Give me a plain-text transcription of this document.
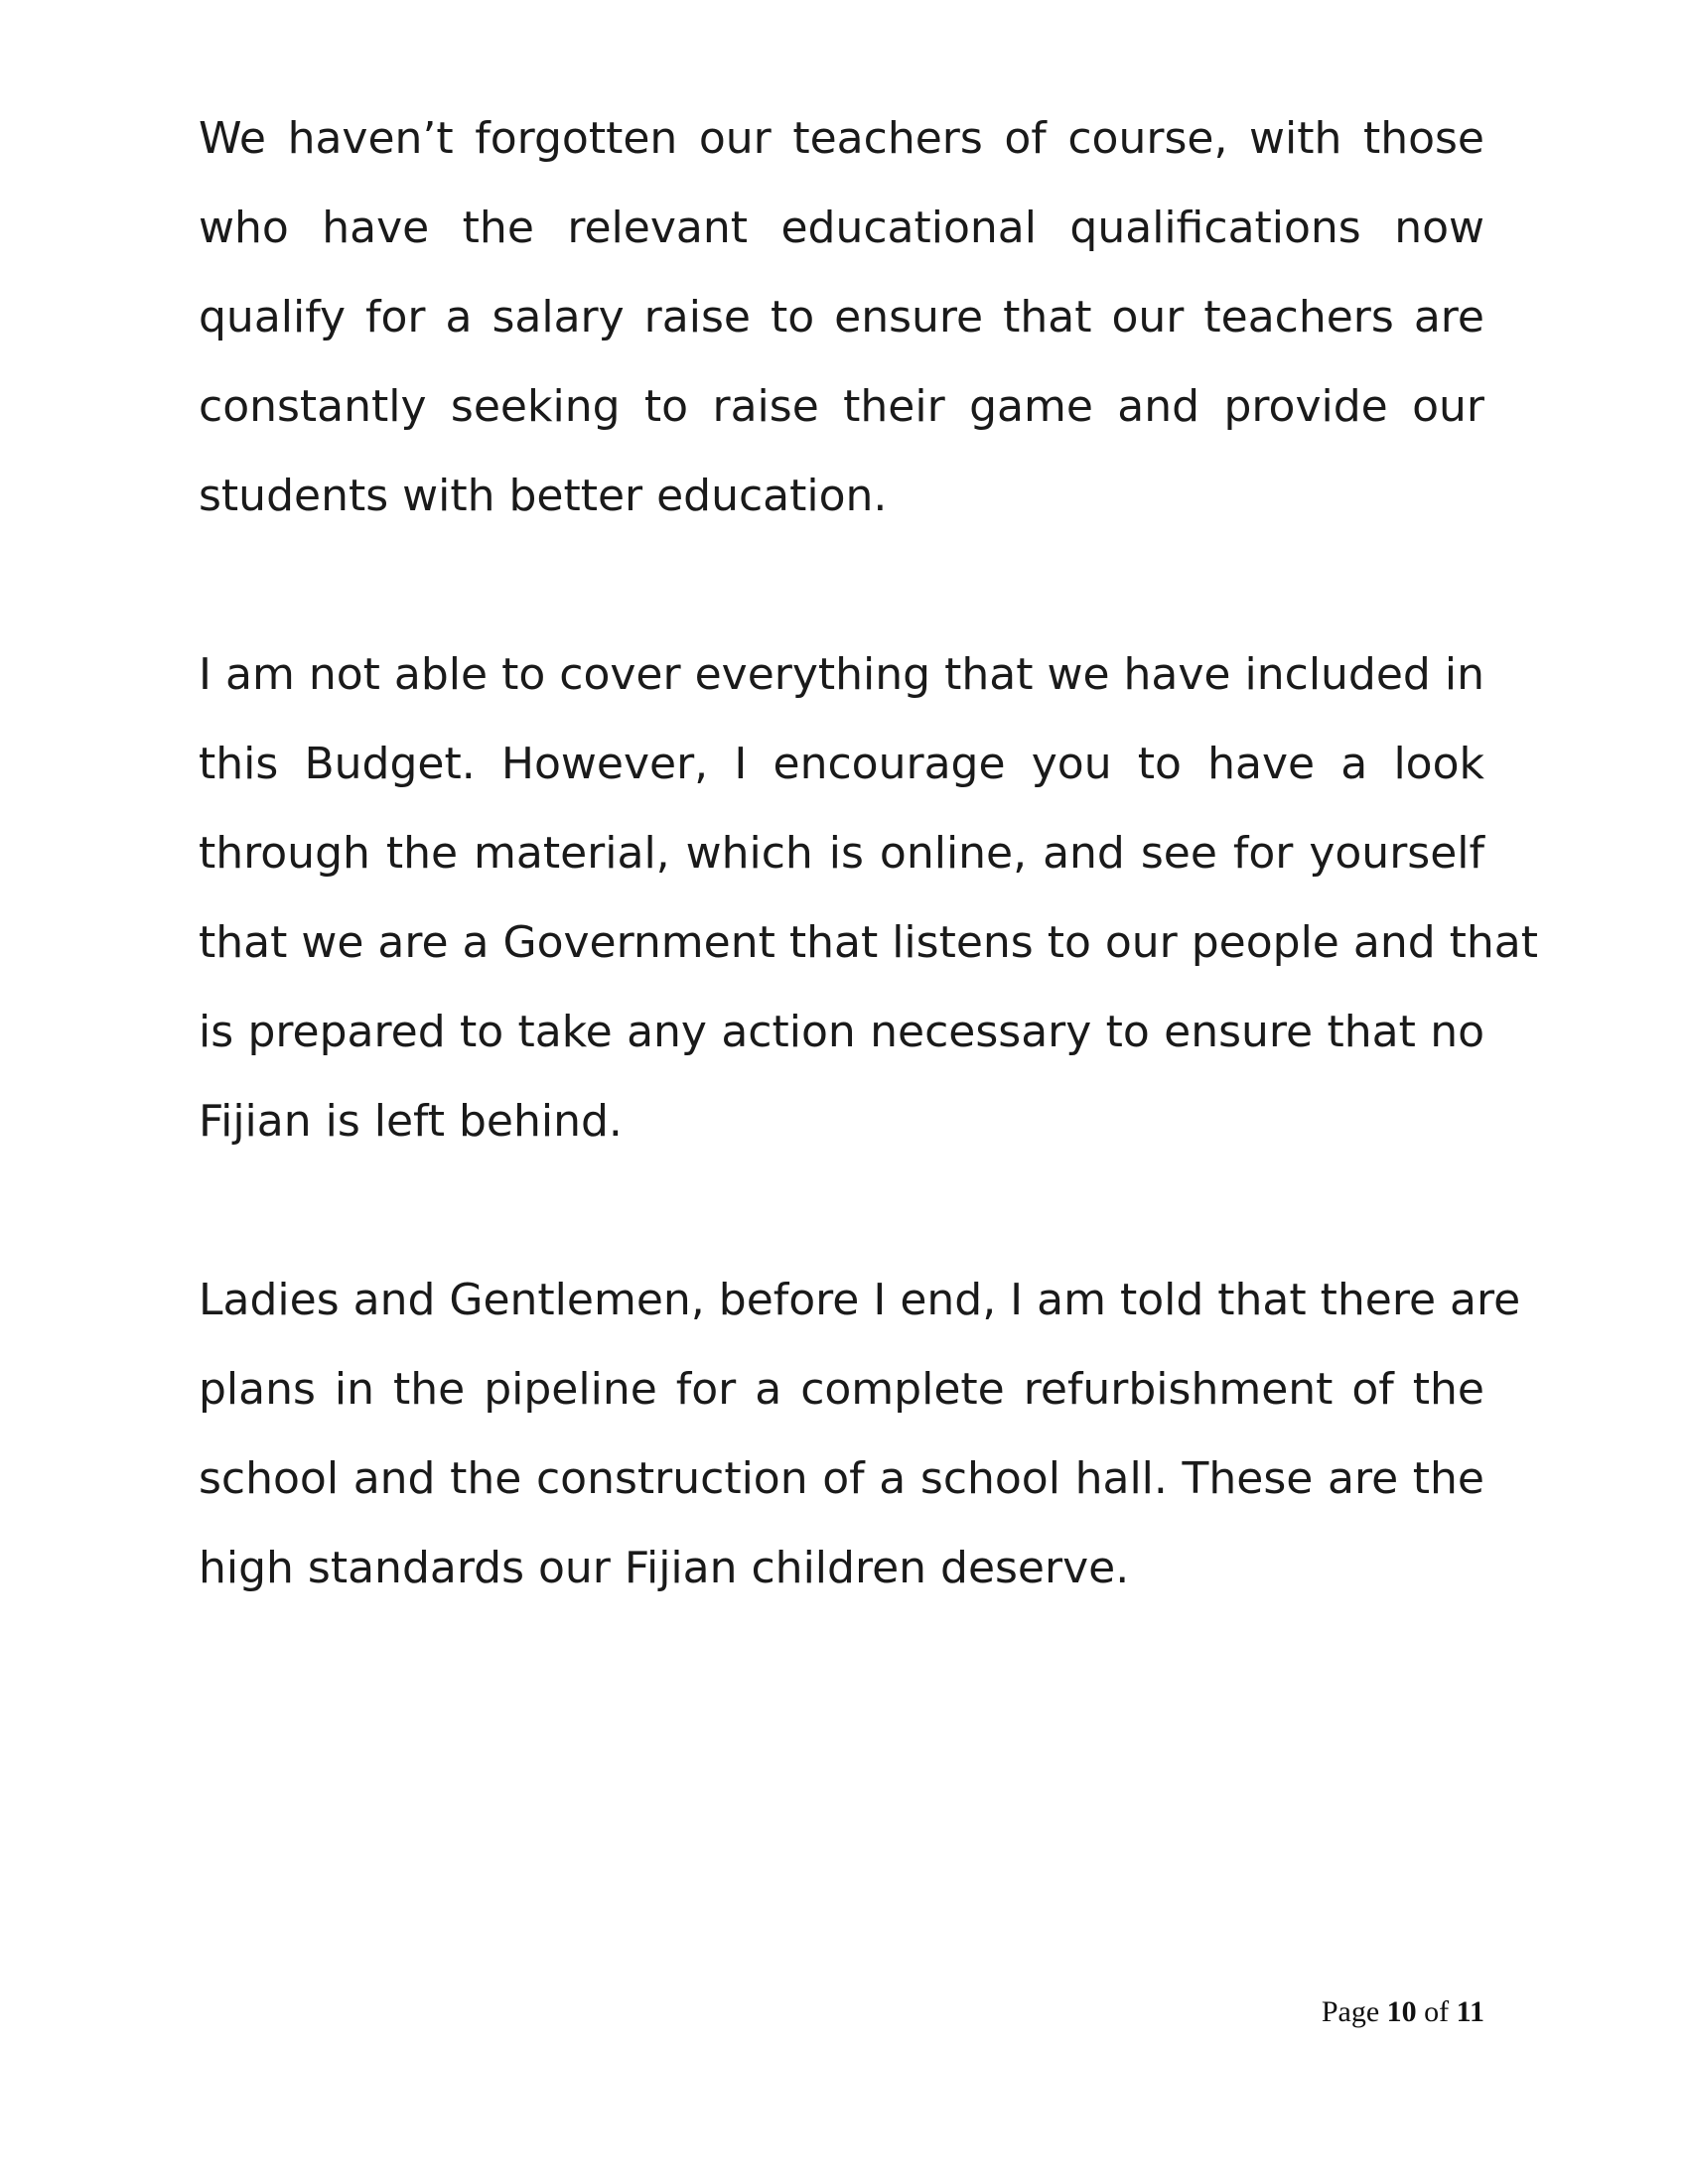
We haven’t forgotten our teachers of course, with those
who have the relevant educational qualifications now
qualify for a salary raise to ensure that our teachers are
constantly seeking to raise their game and provide our
students with better education.

I am not able to cover everything that we have included in
this Budget. However, I encourage you to have a look
through the material, which is online, and see for yourself
that we are a Government that listens to our people and that
is prepared to take any action necessary to ensure that no
Fijian is left behind.

Ladies and Gentlemen, before I end, I am told that there are
plans in the pipeline for a complete refurbishment of the
school and the construction of a school hall. These are the
high standards our Fijian children deserve.

Page 10 of 11
